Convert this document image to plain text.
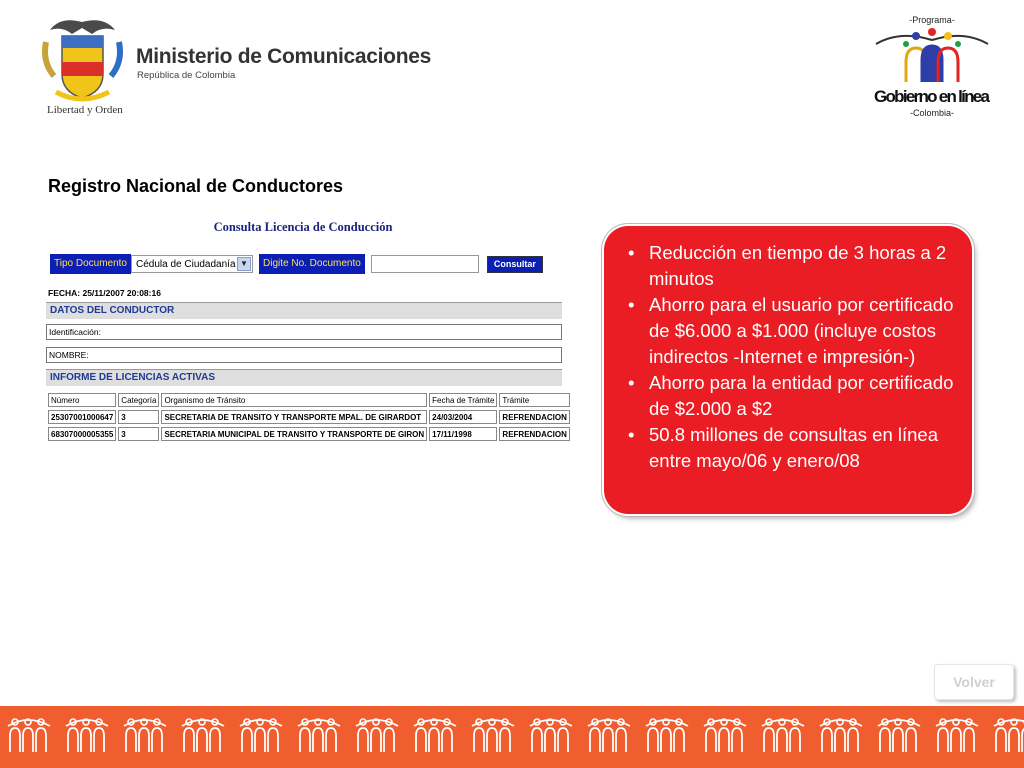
Libertad y Orden
Ministerio de Comunicaciones
República de Colombia
-Programa-
Gobierno en línea
-Colombia-
Registro Nacional de Conductores
Consulta Licencia de Conducción
Tipo Documento Cédula de Ciudadanía ▼	Digite No. Documento	Consultar
FECHA: 25/11/2007 20:08:16
DATOS DEL CONDUCTOR
Identificación:
NOMBRE:
INFORME DE LICENCIAS ACTIVAS
Número	Categoría	Organismo de Tránsito	Fecha de Trámite	Trámite
25307001000647	3	SECRETARIA DE TRANSITO Y TRANSPORTE MPAL. DE GIRARDOT	24/03/2004	REFRENDACION
68307000005355	3	SECRETARIA MUNICIPAL DE TRANSITO Y TRANSPORTE DE GIRON	17/11/1998	REFRENDACION
• Reducción en tiempo de 3 horas a 2 minutos
• Ahorro para el usuario por certificado de $6.000 a $1.000 (incluye costos indirectos -Internet e impresión-)
• Ahorro para la entidad por certificado de $2.000 a $2
• 50.8 millones de consultas en línea entre mayo/06 y enero/08
Volver
